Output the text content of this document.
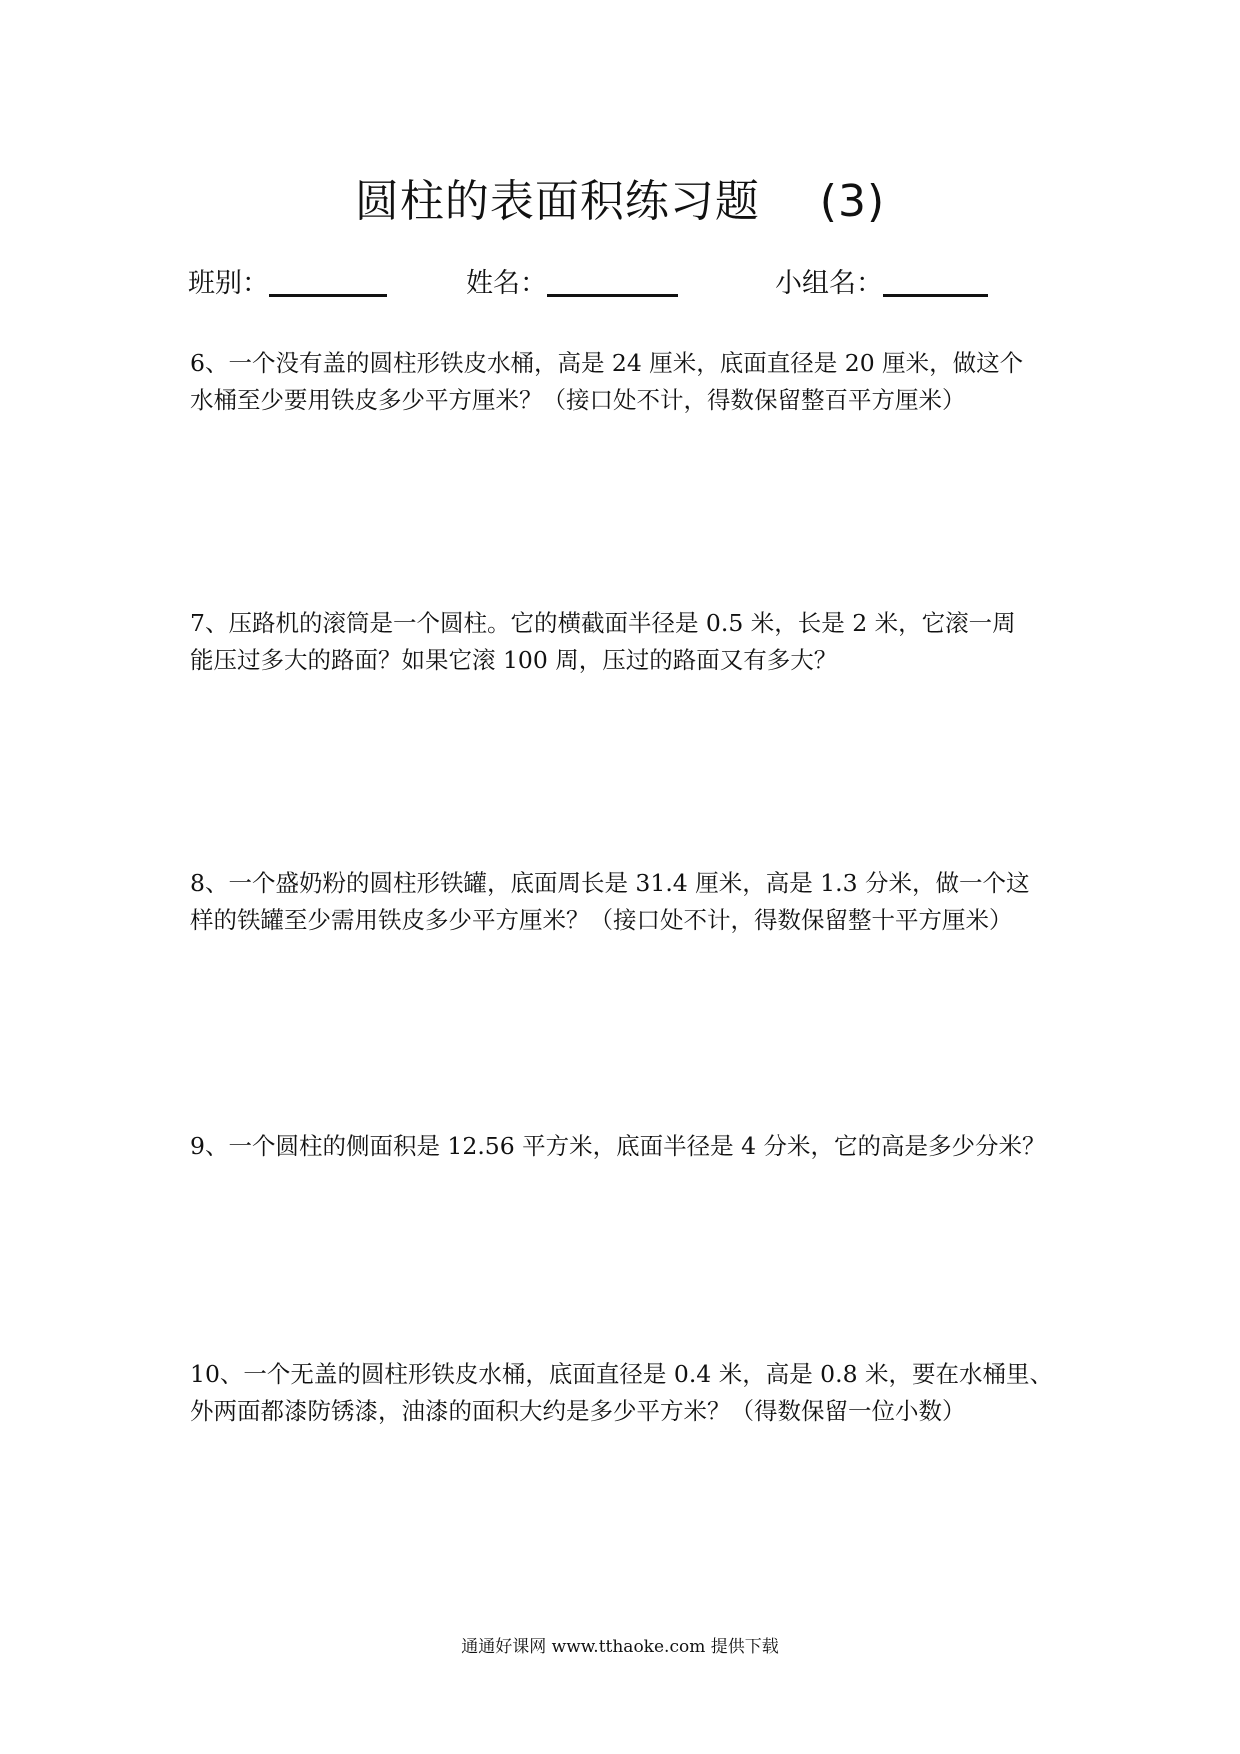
圆柱的表面积练习题    (3)
班别：	姓名：	小组名：
6、一个没有盖的圆柱形铁皮水桶，高是 24 厘米，底面直径是 20 厘米，做这个
水桶至少要用铁皮多少平方厘米？（接口处不计，得数保留整百平方厘米）
7、压路机的滚筒是一个圆柱。它的横截面半径是 0.5 米，长是 2 米，它滚一周
能压过多大的路面？如果它滚 100 周，压过的路面又有多大？
8、一个盛奶粉的圆柱形铁罐，底面周长是 31.4 厘米，高是 1.3 分米，做一个这
样的铁罐至少需用铁皮多少平方厘米？（接口处不计，得数保留整十平方厘米）
9、一个圆柱的侧面积是 12.56 平方米，底面半径是 4 分米，它的高是多少分米？
10、一个无盖的圆柱形铁皮水桶，底面直径是 0.4 米，高是 0.8 米，要在水桶里、
外两面都漆防锈漆，油漆的面积大约是多少平方米？（得数保留一位小数）
通通好课网 www.tthaoke.com 提供下载
